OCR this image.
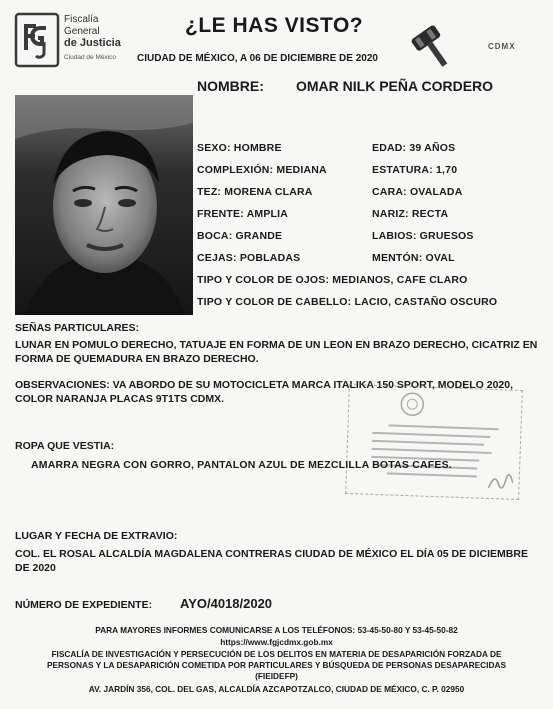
Fiscalía
General
de Justicia
Ciudad de México
¿LE HAS VISTO?
CIUDAD DE MÉXICO, A 06 DE DICIEMBRE DE 2020
CDMX
NOMBRE: OMAR NILK PEÑA CORDERO
SEXO: HOMBRE	EDAD: 39 AÑOS
COMPLEXIÓN: MEDIANA	ESTATURA: 1,70
TEZ: MORENA CLARA	CARA: OVALADA
FRENTE: AMPLIA	NARIZ: RECTA
BOCA: GRANDE	LABIOS: GRUESOS
CEJAS: POBLADAS	MENTÓN: OVAL
TIPO Y COLOR DE OJOS: MEDIANOS, CAFE CLARO
TIPO Y COLOR DE CABELLO: LACIO, CASTAÑO OSCURO
SEÑAS PARTICULARES:
LUNAR EN POMULO DERECHO, TATUAJE EN FORMA DE UN LEON EN BRAZO DERECHO, CICATRIZ EN FORMA DE QUEMADURA EN BRAZO DERECHO.
OBSERVACIONES: VA ABORDO DE SU MOTOCICLETA MARCA ITALIKA 150 SPORT, MODELO 2020, COLOR NARANJA PLACAS 9T1TS CDMX.
ROPA QUE VESTIA:
AMARRA NEGRA CON GORRO, PANTALON AZUL DE MEZCLILLA BOTAS CAFES.
LUGAR Y FECHA DE EXTRAVIO:
COL. EL ROSAL ALCALDÍA MAGDALENA CONTRERAS CIUDAD DE MÉXICO EL DÍA 05 DE DICIEMBRE DE 2020
NÚMERO DE EXPEDIENTE: AYO/4018/2020
PARA MAYORES INFORMES COMUNICARSE A LOS TELÉFONOS: 53-45-50-80 Y 53-45-50-82
https://www.fgjcdmx.gob.mx
FISCALÍA DE INVESTIGACIÓN Y PERSECUCIÓN DE LOS DELITOS EN MATERIA DE DESAPARICIÓN FORZADA DE
PERSONAS Y LA DESAPARICIÓN COMETIDA POR PARTICULARES Y BÚSQUEDA DE PERSONAS DESAPARECIDAS
(FIEIDEFP)
AV. JARDÍN 356, COL. DEL GAS, ALCALDÍA AZCAPOTZALCO, CIUDAD DE MÉXICO, C. P. 02950
